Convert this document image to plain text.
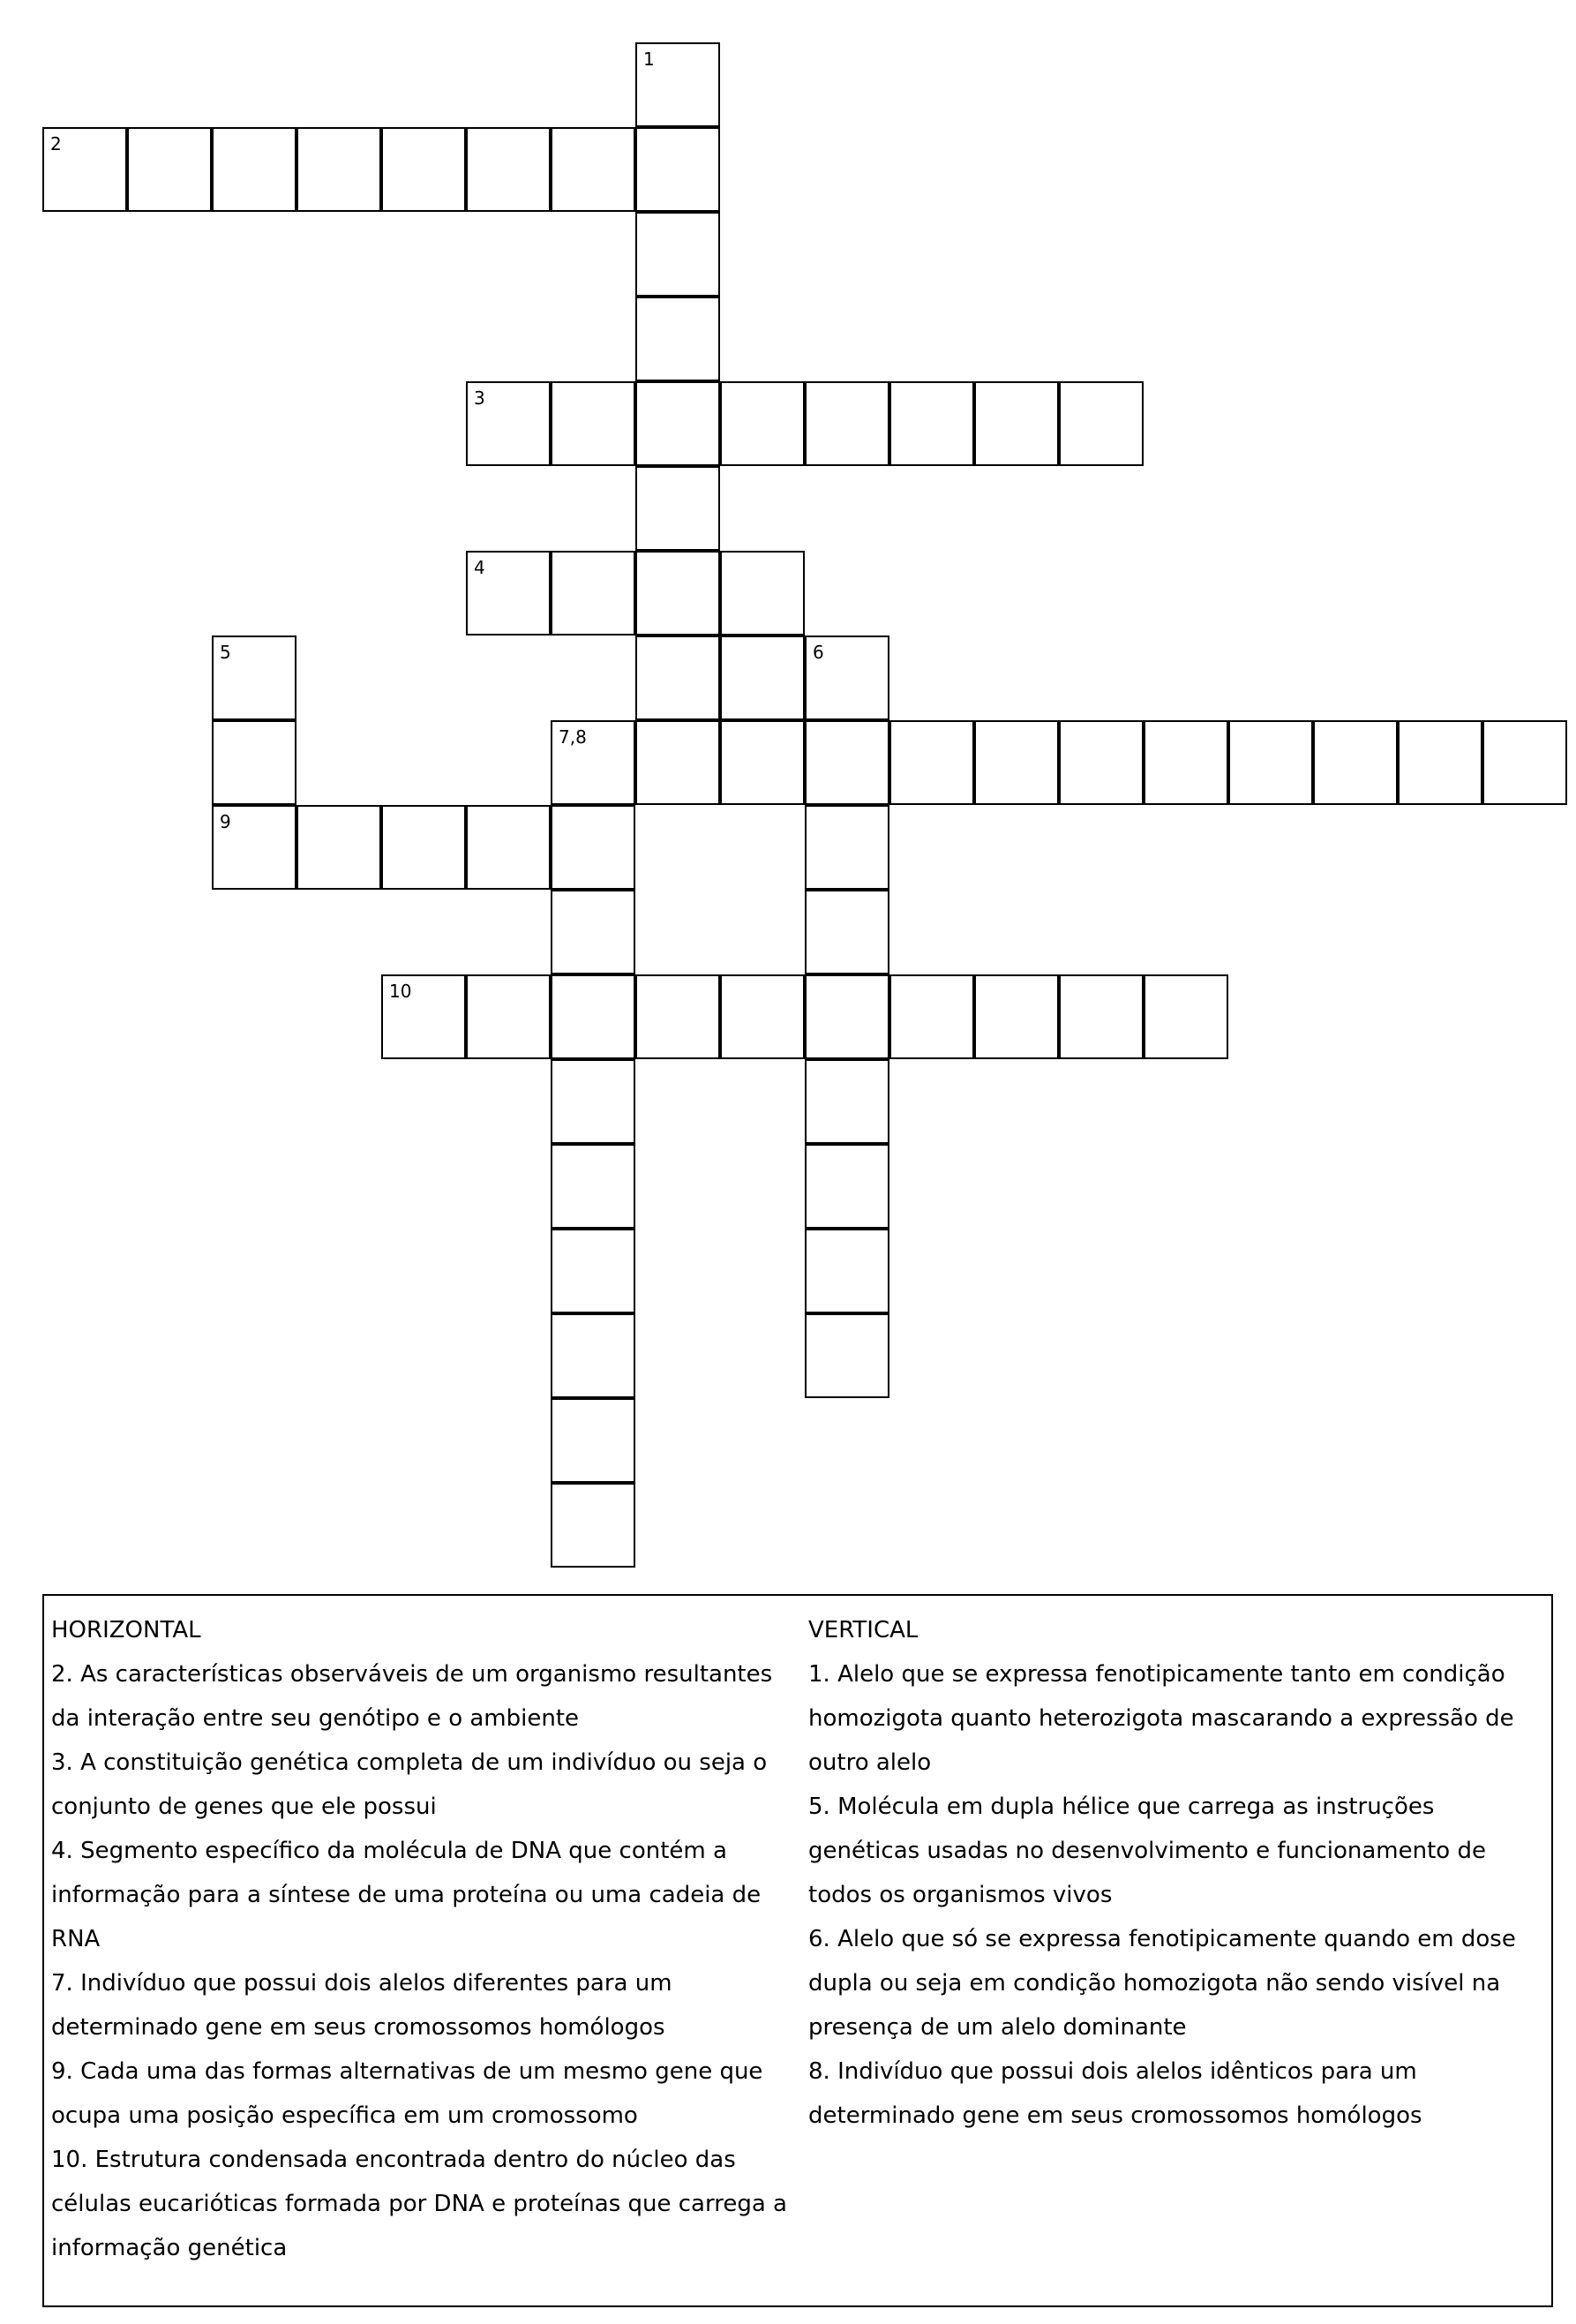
1
2
3
4
5	6
7,8
9
10
HORIZONTAL
2. As características observáveis de um organismo resultantes da interação entre seu genótipo e o ambiente
3. A constituição genética completa de um indivíduo ou seja o conjunto de genes que ele possui
4. Segmento específico da molécula de DNA que contém a informação para a síntese de uma proteína ou uma cadeia de RNA
7. Indivíduo que possui dois alelos diferentes para um determinado gene em seus cromossomos homólogos
9. Cada uma das formas alternativas de um mesmo gene que ocupa uma posição específica em um cromossomo
10. Estrutura condensada encontrada dentro do núcleo das células eucarióticas formada por DNA e proteínas que carrega a informação genética
VERTICAL
1. Alelo que se expressa fenotipicamente tanto em condição homozigota quanto heterozigota mascarando a expressão de outro alelo
5. Molécula em dupla hélice que carrega as instruções genéticas usadas no desenvolvimento e funcionamento de todos os organismos vivos
6. Alelo que só se expressa fenotipicamente quando em dose dupla ou seja em condição homozigota não sendo visível na presença de um alelo dominante
8. Indivíduo que possui dois alelos idênticos para um determinado gene em seus cromossomos homólogos
